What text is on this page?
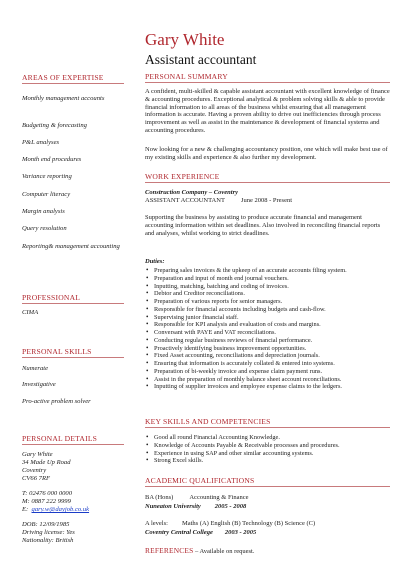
AREAS OF EXPERTISE
Monthly management accounts
Budgeting & forecasting
P&L analyses
Month end procedures
Variance reporting
Computer literacy
Margin analysis
Query resolution
Reporting& management accounting
PROFESSIONAL
CIMA
PERSONAL SKILLS
Numerate
Investigative
Pro-active problem solver
PERSONAL DETAILS
Gary White
34 Made Up Road
Coventry
CV66 7RF
T: 02476 000 0000
M: 0887 222 9999
E: gary.w@dayjob.co.uk
DOB: 12/09/1985
Driving license: Yes
Nationality: British
Gary White
Assistant accountant
PERSONAL SUMMARY
A confident, multi-skilled & capable assistant accountant with excellent knowledge of finance & accounting procedures. Exceptional analytical & problem solving skills & able to provide financial information to all areas of the business whilst ensuring that all management information is accurate. Having a proven ability to drive out inefficiencies through process improvement as well as assist in the maintenance & development of financial systems and accounting procedures.
Now looking for a new & challenging accountancy position, one which will make best use of my existing skills and experience & also further my development.
WORK EXPERIENCE
Construction Company – Coventry
ASSISTANT ACCOUNTANT June 2008 - Present
Supporting the business by assisting to produce accurate financial and management accounting information within set deadlines. Also involved in reconciling financial reports and analyses, whilst working to strict deadlines.
Duties:
• Preparing sales invoices & the upkeep of an accurate accounts filing system.
• Preparation and input of month end journal vouchers.
• Inputting, matching, batching and coding of invoices.
• Debtor and Creditor reconciliations.
• Preparation of various reports for senior managers.
• Responsible for financial accounts including budgets and cash-flow.
• Supervising junior financial staff.
• Responsible for KPI analysis and evaluation of costs and margins.
• Conversant with PAYE and VAT reconciliations.
• Conducting regular business reviews of financial performance.
• Proactively identifying business improvement opportunities.
• Fixed Asset accounting, reconciliations and depreciation journals.
• Ensuring that information is accurately collated & entered into systems.
• Preparation of bi-weekly invoice and expense claim payment runs.
• Assist in the preparation of monthly balance sheet account reconciliations.
• Inputting of supplier invoices and employee expense claims to the ledgers.
KEY SKILLS AND COMPETENCIES
• Good all round Financial Accounting Knowledge.
• Knowledge of Accounts Payable & Receivable processes and procedures.
• Experience in using SAP and other similar accounting systems.
• Strong Excel skills.
ACADEMIC QUALIFICATIONS
BA (Hons) Accounting & Finance
Nuneaton University 2005 - 2008
A levels: Maths (A) English (B) Technology (B) Science (C)
Coventry Central College 2003 - 2005
REFERENCES – Available on request.
